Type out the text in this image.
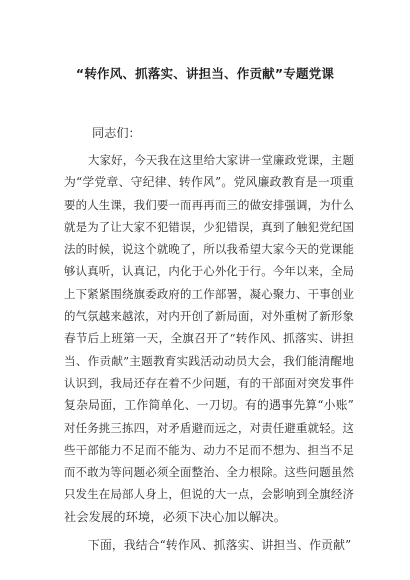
“转作风、抓落实、讲担当、作贡献”专题党课

同志们：

大家好，今天我在这里给大家讲一堂廉政党课，主题
为“学党章、守纪律、转作风”。党风廉政教育是一项重
要的人生课，我们要一而再再而三的做安排强调，为什么
就是为了让大家不犯错误，少犯错误，真到了触犯党纪国
法的时候，说这个就晚了，所以我希望大家今天的党课能
够认真听，认真记，内化于心外化于行。今年以来，全局
上下紧紧围绕旗委政府的工作部署，凝心聚力、干事创业
的气氛越来越浓，对内开创了新局面，对外重树了新形象
春节后上班第一天，全旗召开了“转作风、抓落实、讲担
当、作贡献”主题教育实践活动动员大会，我们能清醒地
认识到，我局还存在着不少问题，有的干部面对突发事件
复杂局面，工作简单化、一刀切。有的遇事先算“小账”
对任务挑三拣四，对矛盾避而远之，对责任避重就轻。这
些干部能力不足而不能为、动力不足而不想为、担当不足
而不敢为等问题必须全面整治、全力根除。这些问题虽然
只发生在局部人身上，但说的大一点，会影响到全旗经济
社会发展的环境，必须下决心加以解决。
下面，我结合“转作风、抓落实、讲担当、作贡献”
